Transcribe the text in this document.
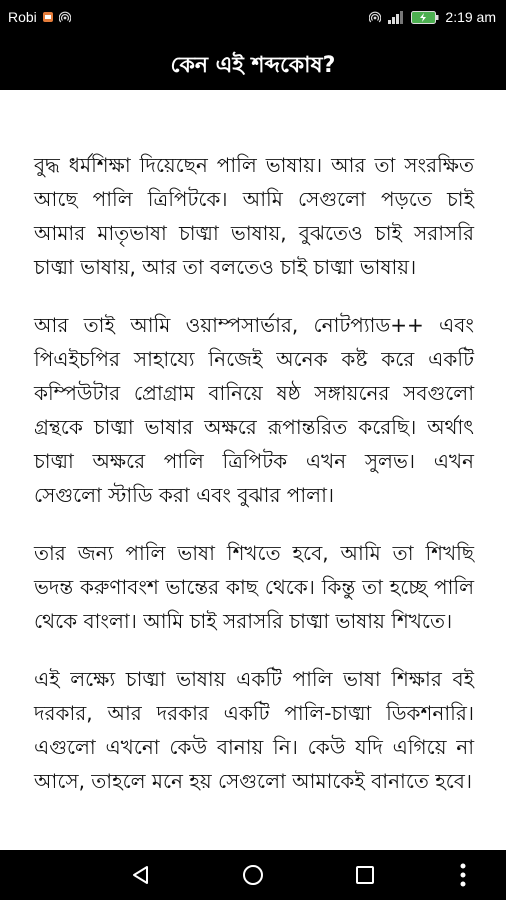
Robi	2:19 am
কেন এই শব্দকোষ?

বুদ্ধ ধর্মশিক্ষা দিয়েছেন পালি ভাষায়। আর তা সংরক্ষিত আছে পালি ত্রিপিটকে। আমি সেগুলো পড়তে চাই আমার মাতৃভাষা চাঙ্মা ভাষায়, বুঝতেও চাই সরাসরি চাঙ্মা ভাষায়, আর তা বলতেও চাই চাঙ্মা ভাষায়।

আর তাই আমি ওয়াম্পসার্ভার, নোটপ্যাড++ এবং পিএইচপির সাহায্যে নিজেই অনেক কষ্ট করে একটি কম্পিউটার প্রোগ্রাম বানিয়ে ষষ্ঠ সঙ্গায়নের সবগুলো গ্রন্থকে চাঙ্মা ভাষার অক্ষরে রূপান্তরিত করেছি। অর্থাৎ চাঙ্মা অক্ষরে পালি ত্রিপিটক এখন সুলভ। এখন সেগুলো স্টাডি করা এবং বুঝার পালা।

তার জন্য পালি ভাষা শিখতে হবে, আমি তা শিখছি ভদন্ত করুণাবংশ ভান্তের কাছ থেকে। কিন্তু তা হচ্ছে পালি থেকে বাংলা। আমি চাই সরাসরি চাঙ্মা ভাষায় শিখতে।

এই লক্ষ্যে চাঙ্মা ভাষায় একটি পালি ভাষা শিক্ষার বই দরকার, আর দরকার একটি পালি-চাঙ্মা ডিকশনারি। এগুলো এখনো কেউ বানায় নি। কেউ যদি এগিয়ে না আসে, তাহলে মনে হয় সেগুলো আমাকেই বানাতে হবে।
